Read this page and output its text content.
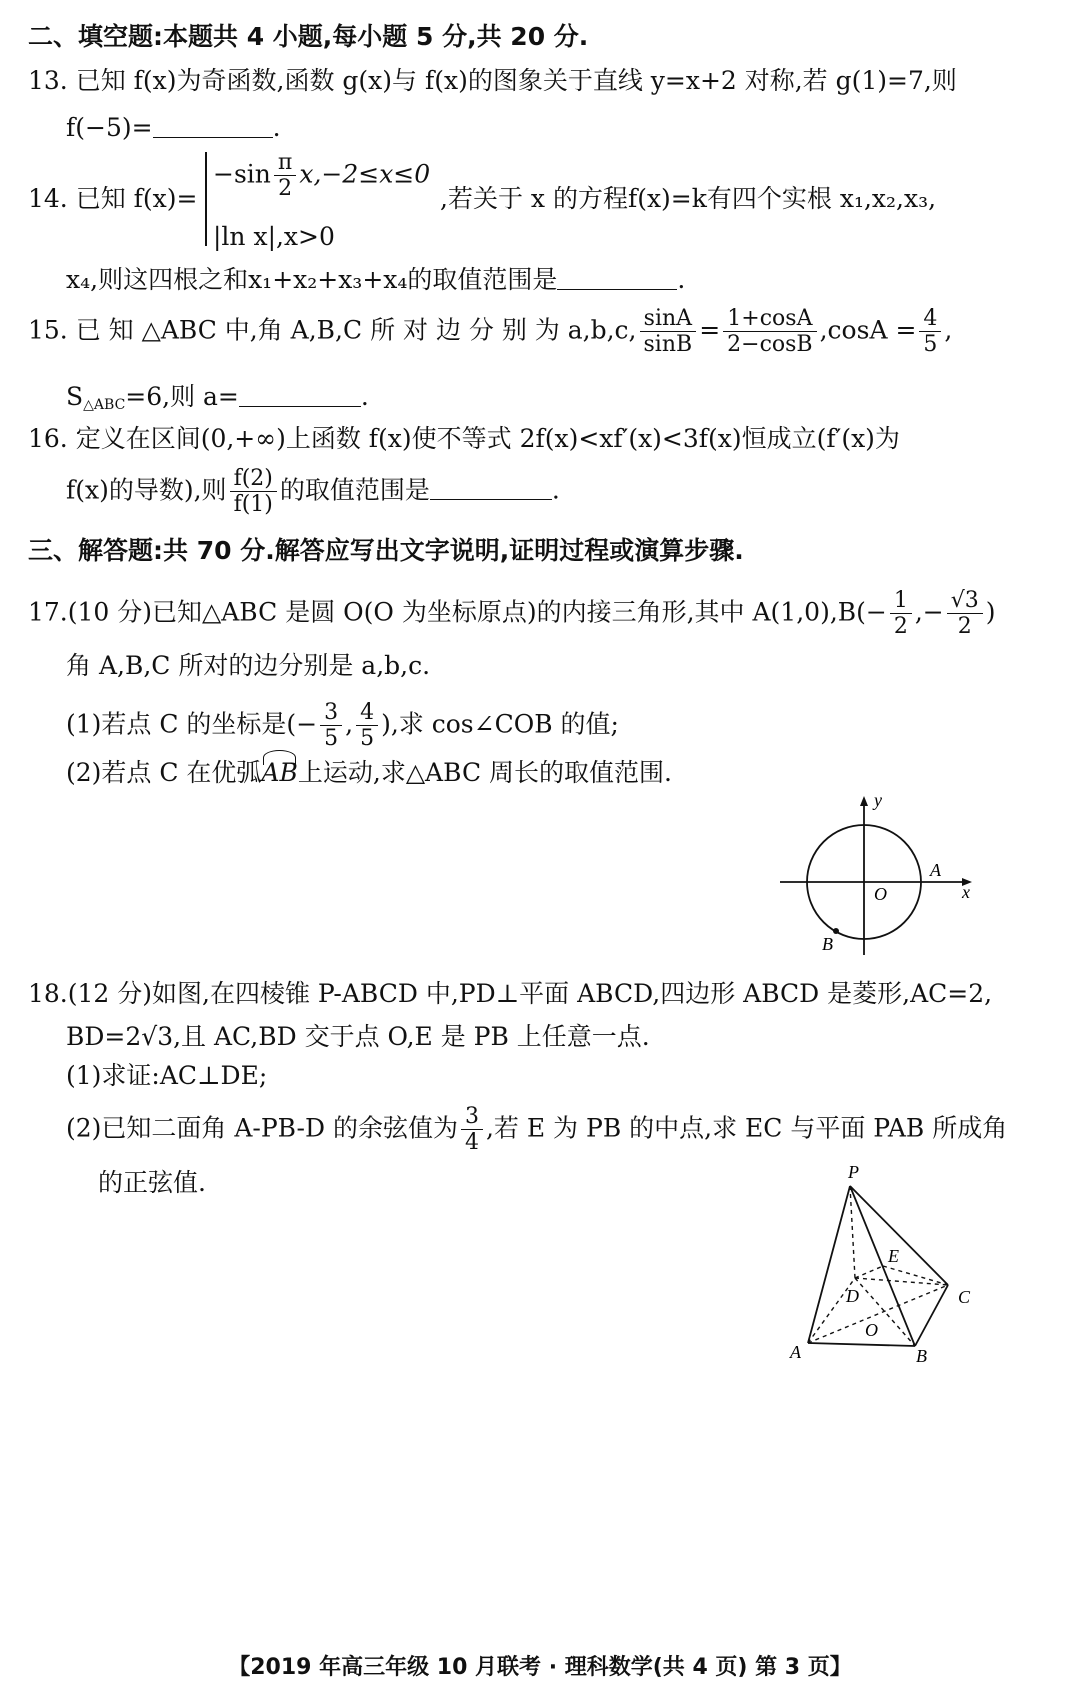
二、填空题:本题共 4 小题,每小题 5 分,共 20 分.
13. 已知 f(x)为奇函数,函数 g(x)与 f(x)的图象关于直线 y=x+2 对称,若 g(1)=7,则
f(−5)=	.
14. 已知 f(x)=
$-\sin \frac{\pi}{2} x,-2\le x\le 0$
|ln x|,x>0
,若关于 x 的方程f(x)=k有四个实根 x₁,x₂,x₃,
x₄,则这四根之和x₁+x₂+x₃+x₄的取值范围是	.
15. 已 知 △ABC 中,角 A,B,C 所 对 边 分 别 为 a,b,c, $\frac{\sin A}{\sin B} = \frac{1+\cos A}{2-\cos B} ,\cos A = \frac{4}{5}$ ,
S△ABC=6,则 a=	.
16. 定义在区间(0,+∞)上函数 f(x)使不等式 2f(x)<xf′(x)<3f(x)恒成立(f′(x)为
f(x)的导数),则 $\frac{f(2)}{f(1)}$ 的取值范围是	.
三、解答题:共 70 分.解答应写出文字说明,证明过程或演算步骤.
17.(10 分)已知△ABC 是圆 O(O 为坐标原点)的内接三角形,其中 $A(1,0),B(- \frac{1}{2}$ ,− $\frac{√3}{2}$ )
角 A,B,C 所对的边分别是 a,b,c.
(1)若点 C 的坐标是(− $\frac{3}{5}$ , $\frac{4}{5}$ ),求 cos∠COB 的值;
(2)若点 C 在优弧
AB上运动,求△ABC 周长的取值范围.
y
x
O
A
B
18.(12 分)如图,在四棱锥 P-ABCD 中,PD⊥平面 ABCD,四边形 ABCD 是菱形,AC=2,
BD=2√3,且 AC,BD 交于点 O,E 是 PB 上任意一点.
(1)求证:AC⊥DE;
(2)已知二面角 A-PB-D 的余弦值为 $\frac{3}{4}$ ,若 E 为 PB 的中点,求 EC 与平面 PAB 所成角
的正弦值.	P
E
D	C
O
A	B
【2019 年高三年级 10 月联考 · 理科数学(共 4 页) 第 3 页】
